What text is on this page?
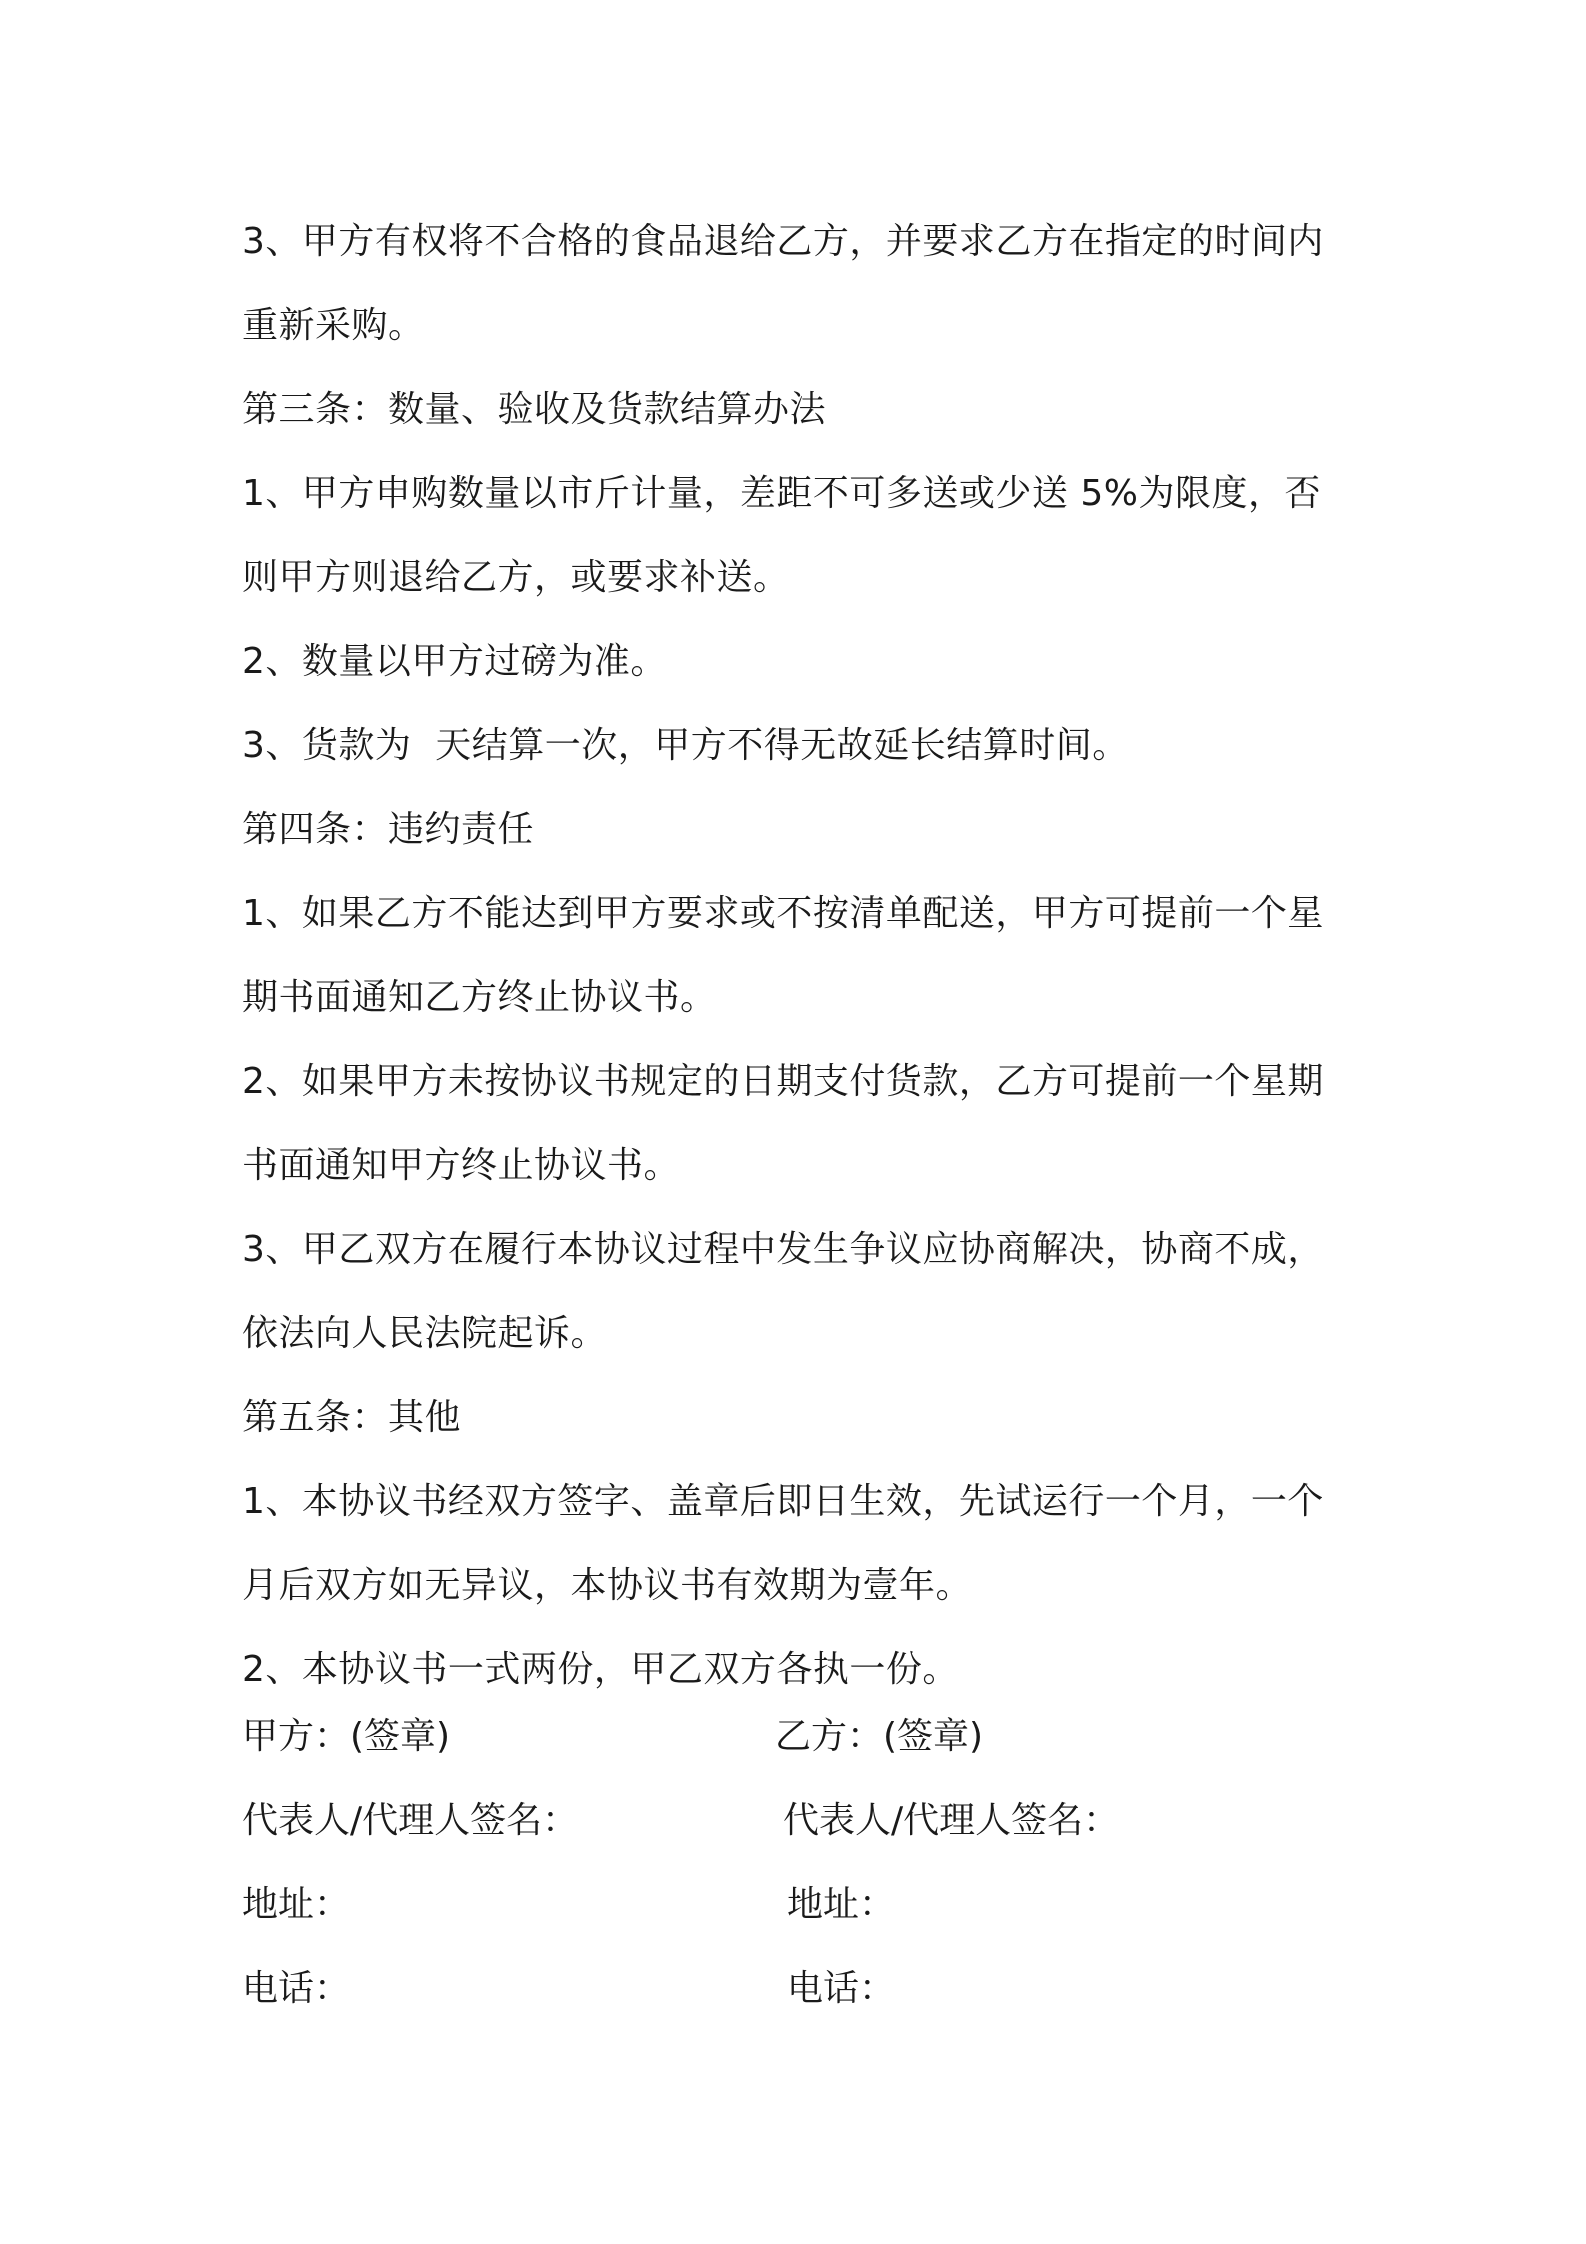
3、甲方有权将不合格的食品退给乙方，并要求乙方在指定的时间内
重新采购。
第三条：数量、验收及货款结算办法
1、甲方申购数量以市斤计量，差距不可多送或少送 5%为限度，否
则甲方则退给乙方，或要求补送。
2、数量以甲方过磅为准。
3、货款为  天结算一次，甲方不得无故延长结算时间。
第四条：违约责任
1、如果乙方不能达到甲方要求或不按清单配送，甲方可提前一个星
期书面通知乙方终止协议书。
2、如果甲方未按协议书规定的日期支付货款，乙方可提前一个星期
书面通知甲方终止协议书。
3、甲乙双方在履行本协议过程中发生争议应协商解决，协商不成，
依法向人民法院起诉。
第五条：其他
1、本协议书经双方签字、盖章后即日生效，先试运行一个月，一个
月后双方如无异议，本协议书有效期为壹年。
2、本协议书一式两份，甲乙双方各执一份。
甲方：(签章)	乙方：(签章)
代表人/代理人签名：	代表人/代理人签名：
地址：	地址：
电话：	电话：
